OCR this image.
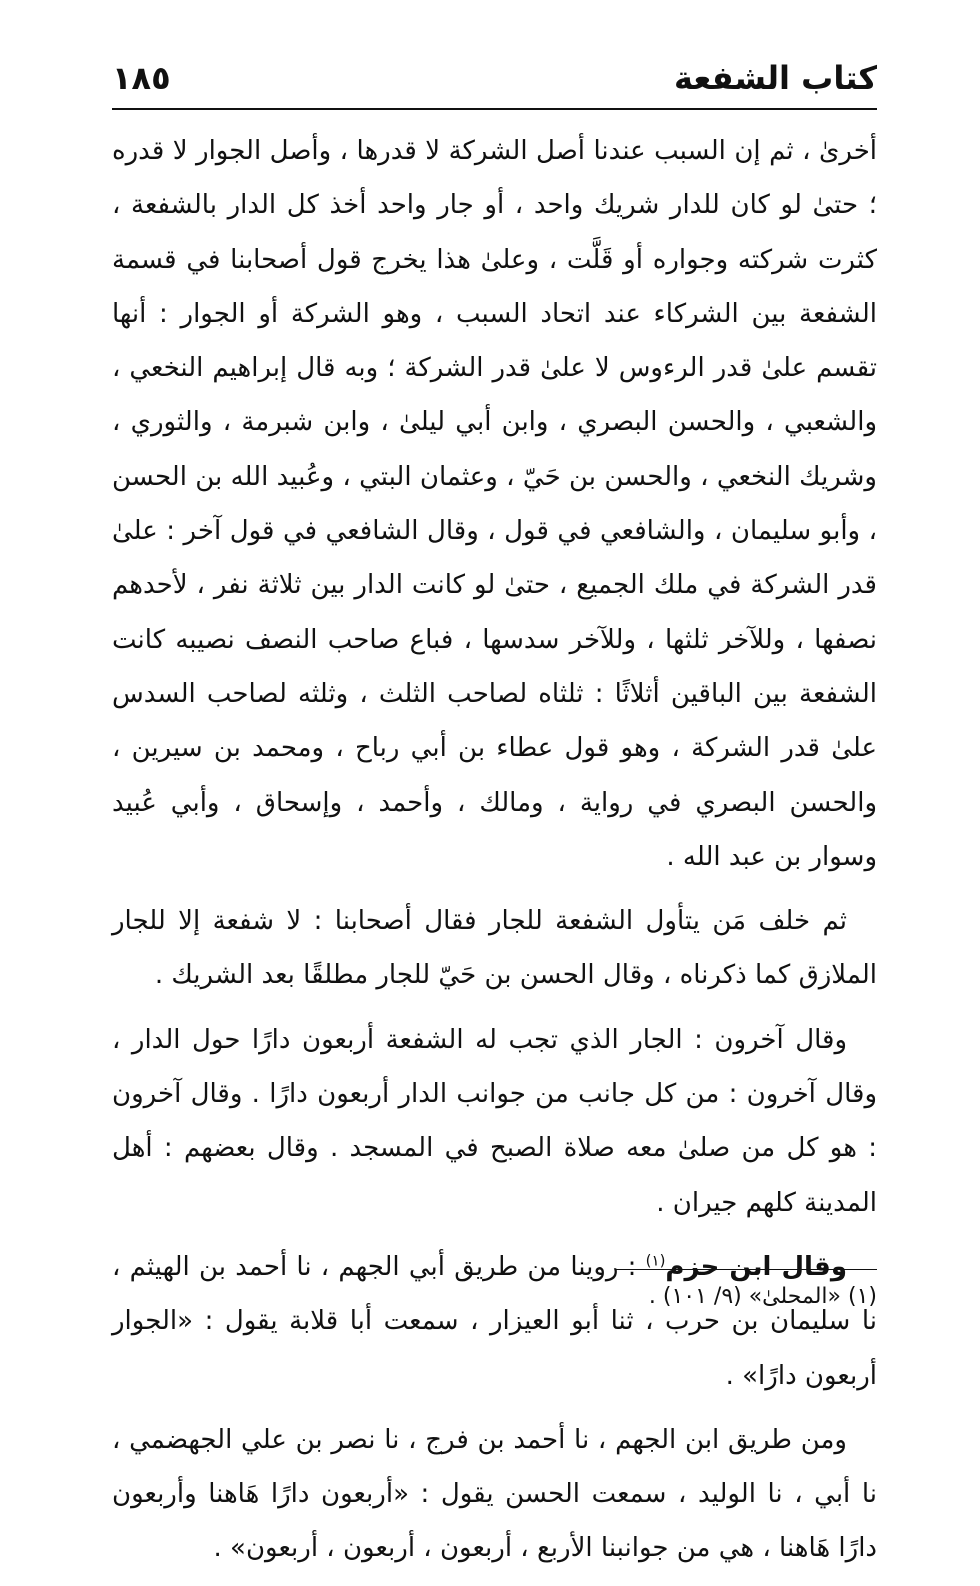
كتاب الشفعة
١٨٥

أخرىٰ ، ثم إن السبب عندنا أصل الشركة لا قدرها ، وأصل الجوار لا قدره ؛ حتىٰ لو كان للدار شريك واحد ، أو جار واحد أخذ كل الدار بالشفعة ، كثرت شركته وجواره أو قَلَّت ، وعلىٰ هذا يخرج قول أصحابنا في قسمة الشفعة بين الشركاء عند اتحاد السبب ، وهو الشركة أو الجوار : أنها تقسم علىٰ قدر الرءوس لا علىٰ قدر الشركة ؛ وبه قال إبراهيم النخعي ، والشعبي ، والحسن البصري ، وابن أبي ليلىٰ ، وابن شبرمة ، والثوري ، وشريك النخعي ، والحسن بن حَيّ ، وعثمان البتي ، وعُبيد الله بن الحسن ، وأبو سليمان ، والشافعي في قول ، وقال الشافعي في قول آخر : علىٰ قدر الشركة في ملك الجميع ، حتىٰ لو كانت الدار بين ثلاثة نفر ، لأحدهم نصفها ، وللآخر ثلثها ، وللآخر سدسها ، فباع صاحب النصف نصيبه كانت الشفعة بين الباقين أثلاثًا : ثلثاه لصاحب الثلث ، وثلثه لصاحب السدس علىٰ قدر الشركة ، وهو قول عطاء بن أبي رباح ، ومحمد بن سيرين ، والحسن البصري في رواية ، ومالك ، وأحمد ، وإسحاق ، وأبي عُبيد وسوار بن عبد الله .

ثم خلف مَن يتأول الشفعة للجار فقال أصحابنا : لا شفعة إلا للجار الملازق كما ذكرناه ، وقال الحسن بن حَيّ للجار مطلقًا بعد الشريك .

وقال آخرون : الجار الذي تجب له الشفعة أربعون دارًا حول الدار ، وقال آخرون : من كل جانب من جوانب الدار أربعون دارًا . وقال آخرون : هو كل من صلىٰ معه صلاة الصبح في المسجد . وقال بعضهم : أهل المدينة كلهم جيران .

وقال ابن حزم$^{(١)}$ : روينا من طريق أبي الجهم ، نا أحمد بن الهيثم ، نا سليمان بن حرب ، ثنا أبو العيزار ، سمعت أبا قلابة يقول : «الجوار أربعون دارًا» .

ومن طريق ابن الجهم ، نا أحمد بن فرج ، نا نصر بن علي الجهضمي ، نا أبي ، نا الوليد ، سمعت الحسن يقول : «أربعون دارًا هَاهنا وأربعون دارًا هَاهنا ، هي من جوانبنا الأربع ، أربعون ، أربعون ، أربعون» .

(١) «المحلىٰ» (٩/ ١٠١) .
